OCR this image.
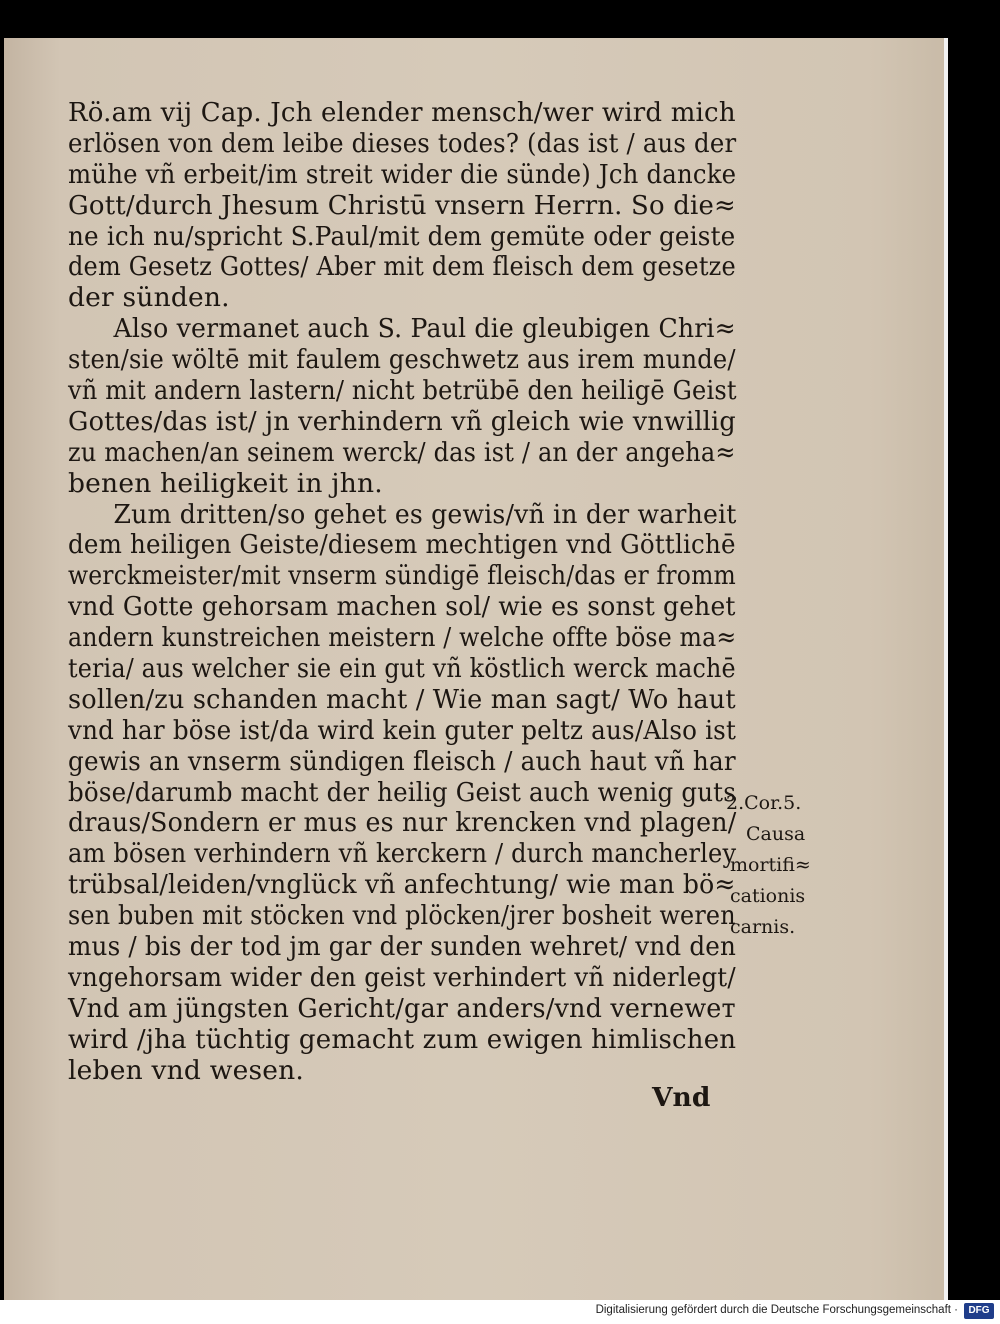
Rö.am vij Cap. Jch elender mensch/wer wird mich
erlösen von dem leibe dieses todes? (das ist / aus der
mühe vñ erbeit/im streit wider die sünde) Jch dancke
Gott/durch Jhesum Christū vnsern Herrn. So die≈
ne ich nu/spricht S.Paul/mit dem gemüte oder geiste
dem Gesetz Gottes/ Aber mit dem fleisch dem gesetze
der sünden.
Also vermanet auch S. Paul die gleubigen Chri≈
sten/sie wöltē mit faulem geschwetz aus irem munde/
vñ mit andern lastern/ nicht betrübē den heiligē Geist
Gottes/das ist/ jn verhindern vñ gleich wie vnwillig
zu machen/an seinem werck/ das ist / an der angeha≈
benen heiligkeit in jhn.
Zum dritten/so gehet es gewis/vñ in der warheit
dem heiligen Geiste/diesem mechtigen vnd Göttlichē
werckmeister/mit vnserm sündigē fleisch/das er fromm
vnd Gotte gehorsam machen sol/ wie es sonst gehet
andern kunstreichen meistern / welche offte böse ma≈
teria/ aus welcher sie ein gut vñ köstlich werck machē
sollen/zu schanden macht / Wie man sagt/ Wo haut
vnd har böse ist/da wird kein guter peltz aus/Also ist
gewis an vnserm sündigen fleisch / auch haut vñ har
böse/darumb macht der heilig Geist auch wenig guts
draus/Sondern er mus es nur krencken vnd plagen/
am bösen verhindern vñ kerckern / durch mancherley
trübsal/leiden/vnglück vñ anfechtung/ wie man bö≈
sen buben mit stöcken vnd plöcken/jrer bosheit weren
mus / bis der tod jm gar der sunden wehret/ vnd den
vngehorsam wider den geist verhindert vñ niderlegt/
Vnd am jüngsten Gericht/gar anders/vnd verneweт
wird /jha tüchtig gemacht zum ewigen himlischen
leben vnd wesen.
2.Cor.5.
Causa
mortifi≈
cationis
carnis.
Vnd
Digitalisierung gefördert durch die Deutsche Forschungsgemeinschaft ·	DFG
